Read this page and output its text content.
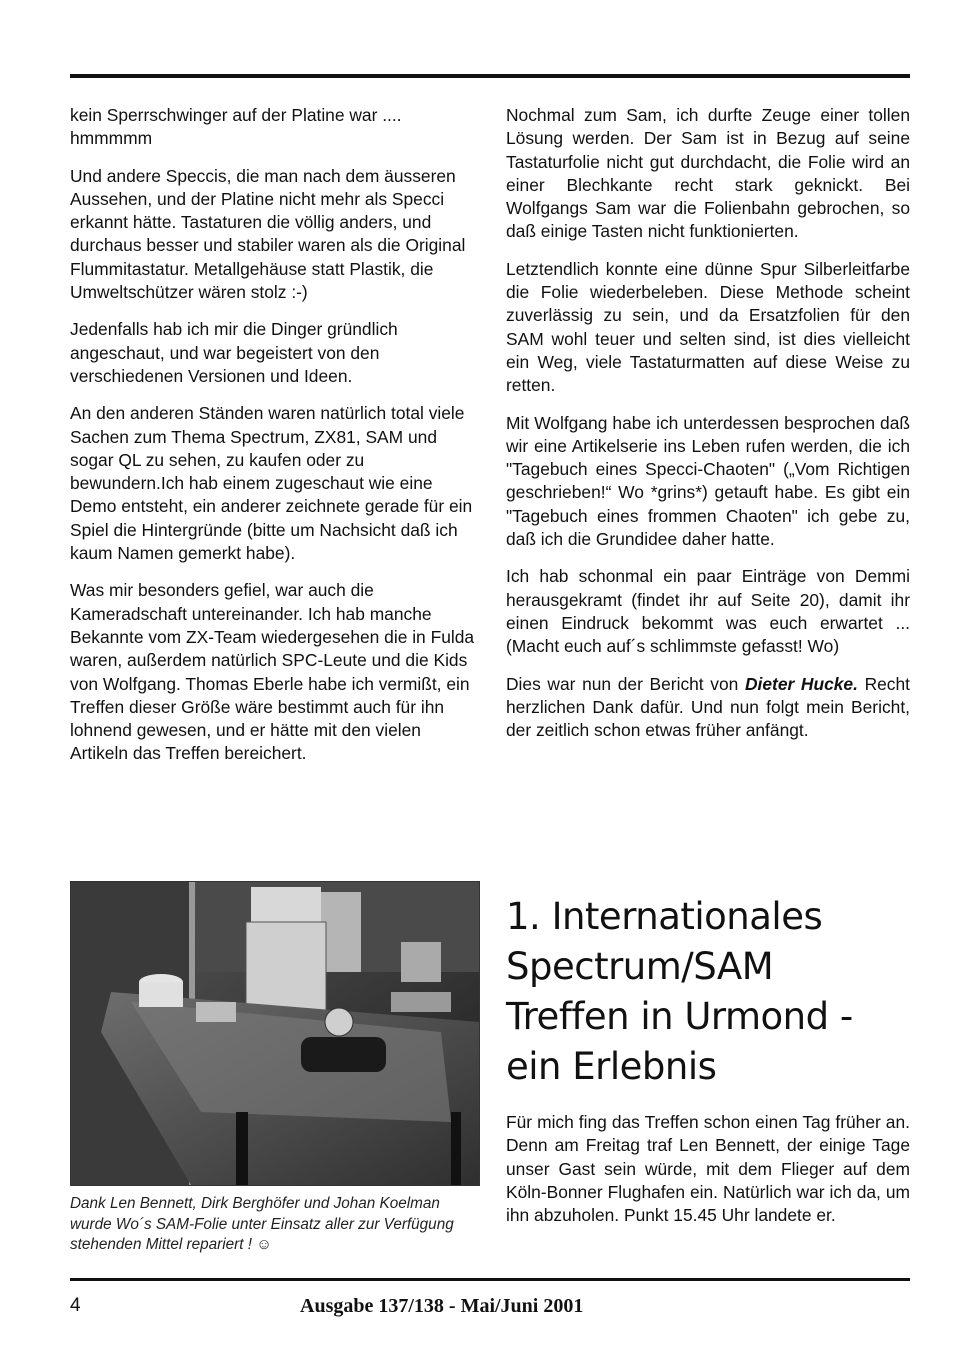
kein Sperrschwinger auf der Platine war .... hmmmmm

Und andere Speccis, die man nach dem äusseren Aussehen, und der Platine nicht mehr als Specci erkannt hätte. Tastaturen die völlig anders, und durchaus besser und stabiler waren als die Original Flummitastatur. Metallgehäuse statt Plastik, die Umweltschützer wären stolz :-)

Jedenfalls hab ich mir die Dinger gründlich angeschaut, und war begeistert von den verschiedenen Versionen und Ideen.

An den anderen Ständen waren natürlich total viele Sachen zum Thema Spectrum, ZX81, SAM und sogar QL zu sehen, zu kaufen oder zu bewundern.Ich hab einem zugeschaut wie eine Demo entsteht, ein anderer zeichnete gerade für ein Spiel die Hintergründe (bitte um Nachsicht daß ich kaum Namen gemerkt habe).

Was mir besonders gefiel, war auch die Kameradschaft untereinander. Ich hab manche Bekannte vom ZX-Team wiedergesehen die in Fulda waren, außerdem natürlich SPC-Leute und die Kids von Wolfgang. Thomas Eberle habe ich vermißt, ein Treffen dieser Größe wäre bestimmt auch für ihn lohnend gewesen, und er hätte mit den vielen Artikeln das Treffen bereichert.

Dank Len Bennett, Dirk Berghöfer und Johan Koelman wurde Wo´s SAM-Folie unter Einsatz aller zur Verfügung stehenden Mittel repariert ! ☺

Nochmal zum Sam, ich durfte Zeuge einer tollen Lösung werden. Der Sam ist in Bezug auf seine Tastaturfolie nicht gut durchdacht, die Folie wird an einer Blechkante recht stark geknickt. Bei Wolfgangs Sam war die Folienbahn gebrochen, so daß einige Tasten nicht funktionierten.

Letztendlich konnte eine dünne Spur Silberleitfarbe die Folie wiederbeleben. Diese Methode scheint zuverlässig zu sein, und da Ersatzfolien für den SAM wohl teuer und selten sind, ist dies vielleicht ein Weg, viele Tastaturmatten auf diese Weise zu retten.

Mit Wolfgang habe ich unterdessen besprochen daß wir eine Artikelserie ins Leben rufen werden, die ich "Tagebuch eines Specci-Chaoten" („Vom Richtigen geschrieben!“ Wo *grins*) getauft habe. Es gibt ein "Tagebuch eines frommen Chaoten" ich gebe zu, daß ich die Grundidee daher hatte.

Ich hab schonmal ein paar Einträge von Demmi herausgekramt (findet ihr auf Seite 20), damit ihr einen Eindruck bekommt was euch erwartet ... (Macht euch auf´s schlimmste gefasst! Wo)

Dies war nun der Bericht von Dieter Hucke. Recht herzlichen Dank dafür. Und nun folgt mein Bericht, der zeitlich schon etwas früher anfängt.

1. Internationales
Spectrum/SAM
Treffen in Urmond -
ein Erlebnis

Für mich fing das Treffen schon einen Tag früher an. Denn am Freitag traf Len Bennett, der einige Tage unser Gast sein würde, mit dem Flieger auf dem Köln-Bonner Flughafen ein. Natürlich war ich da, um ihn abzuholen. Punkt 15.45 Uhr landete er.

4	Ausgabe 137/138 - Mai/Juni 2001
